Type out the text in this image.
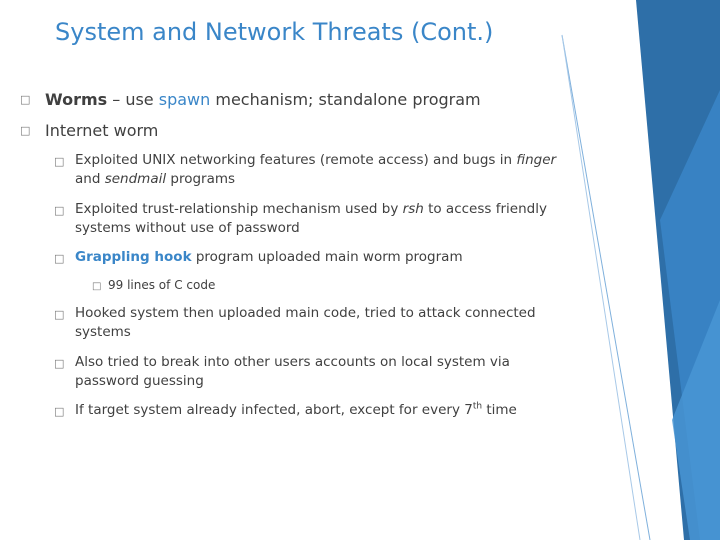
System and Network Threats (Cont.)
□ Worms – use spawn mechanism; standalone program
□ Internet worm
□ Exploited UNIX networking features (remote access) and bugs in finger
and sendmail programs
□ Exploited trust-relationship mechanism used by rsh to access friendly
systems without use of password
□ Grappling hook program uploaded main worm program
□ 99 lines of C code
□ Hooked system then uploaded main code, tried to attack connected
systems
□ Also tried to break into other users accounts on local system via
password guessing
□ If target system already infected, abort, except for every 7th time
